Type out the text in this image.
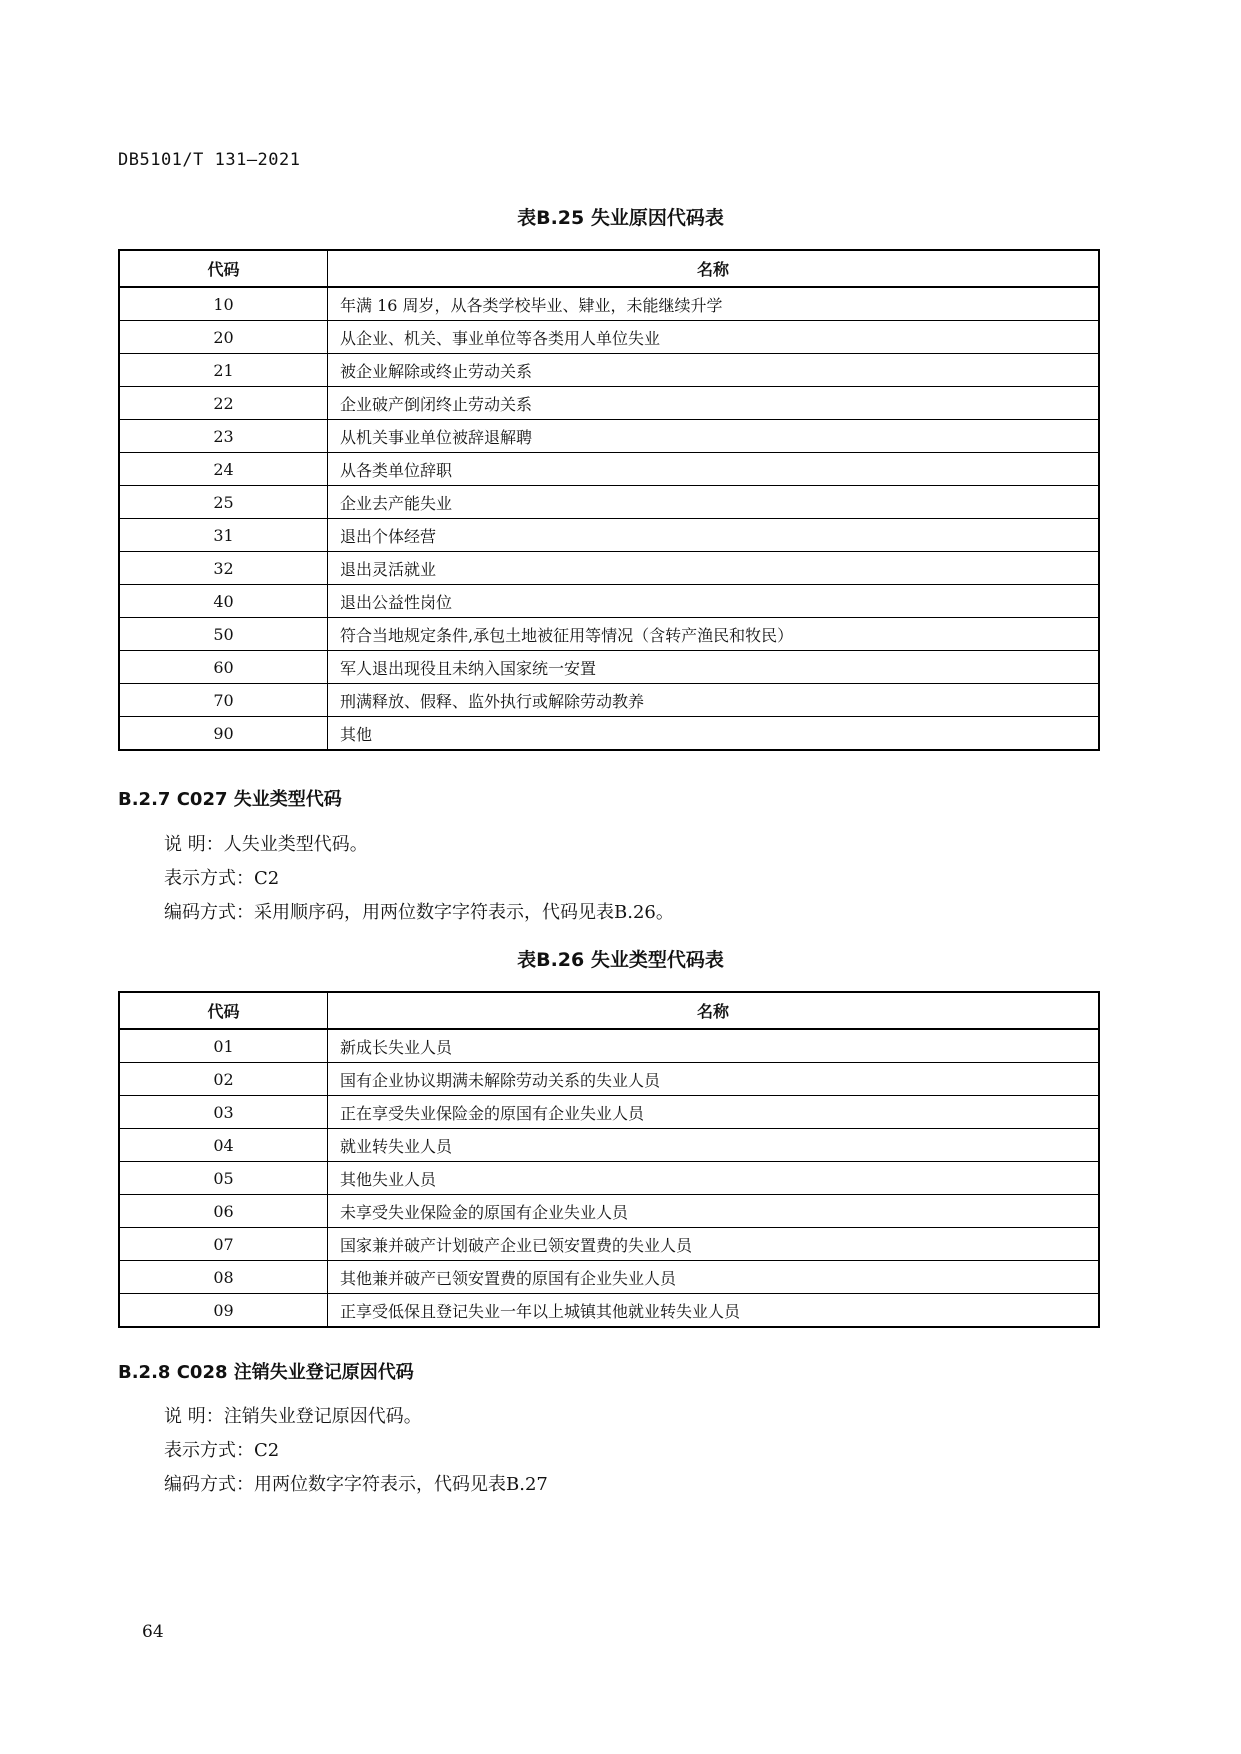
DB5101/T 131—2021
表B.25 失业原因代码表
代码	名称
10	年满 16 周岁，从各类学校毕业、肄业，未能继续升学
20	从企业、机关、事业单位等各类用人单位失业
21	被企业解除或终止劳动关系
22	企业破产倒闭终止劳动关系
23	从机关事业单位被辞退解聘
24	从各类单位辞职
25	企业去产能失业
31	退出个体经营
32	退出灵活就业
40	退出公益性岗位
50	符合当地规定条件,承包土地被征用等情况（含转产渔民和牧民）
60	军人退出现役且未纳入国家统一安置
70	刑满释放、假释、监外执行或解除劳动教养
90	其他
B.2.7 C027 失业类型代码
说 明：人失业类型代码。
表示方式：C2
编码方式：采用顺序码，用两位数字字符表示，代码见表B.26。
表B.26 失业类型代码表
代码	名称
01	新成长失业人员
02	国有企业协议期满未解除劳动关系的失业人员
03	正在享受失业保险金的原国有企业失业人员
04	就业转失业人员
05	其他失业人员
06	未享受失业保险金的原国有企业失业人员
07	国家兼并破产计划破产企业已领安置费的失业人员
08	其他兼并破产已领安置费的原国有企业失业人员
09	正享受低保且登记失业一年以上城镇其他就业转失业人员
B.2.8 C028 注销失业登记原因代码
说 明：注销失业登记原因代码。
表示方式：C2
编码方式：用两位数字字符表示，代码见表B.27
64
